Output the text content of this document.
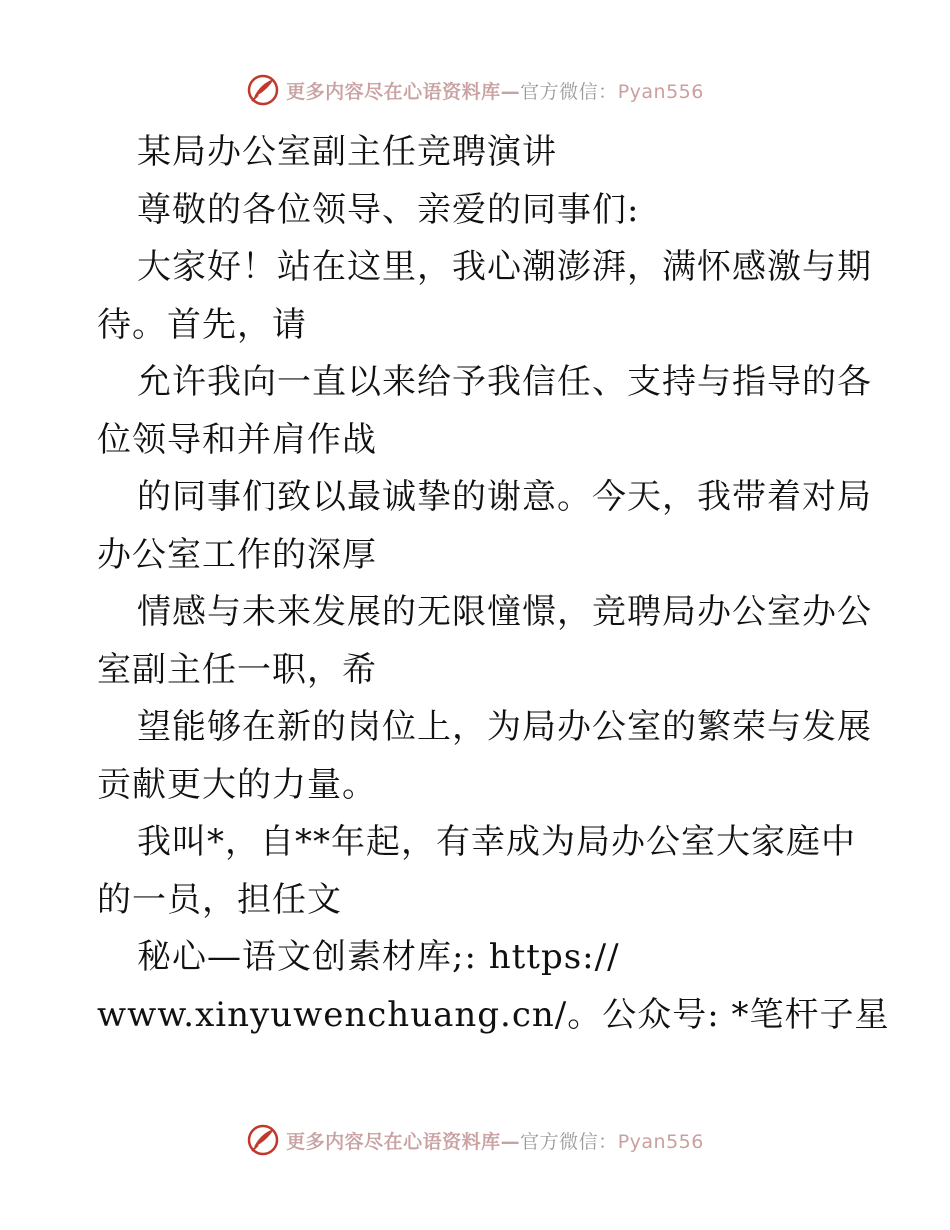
更多内容尽在心语资料库—官方微信：Pyan556
某局办公室副主任竞聘演讲
尊敬的各位领导、亲爱的同事们:
大家好！站在这里，我心潮澎湃，满怀感激与期
待。首先，请
允许我向一直以来给予我信任、支持与指导的各
位领导和并肩作战
的同事们致以最诚挚的谢意。今天，我带着对局
办公室工作的深厚
情感与未来发展的无限憧憬，竞聘局办公室办公
室副主任一职，希
望能够在新的岗位上，为局办公室的繁荣与发展
贡献更大的力量。
我叫*，自**年起，有幸成为局办公室大家庭中
的一员，担任文
秘心—语文创素材库;: https://
www.xinyuwenchuang.cn/。公众号: *笔杆子星
更多内容尽在心语资料库—官方微信：Pyan556
